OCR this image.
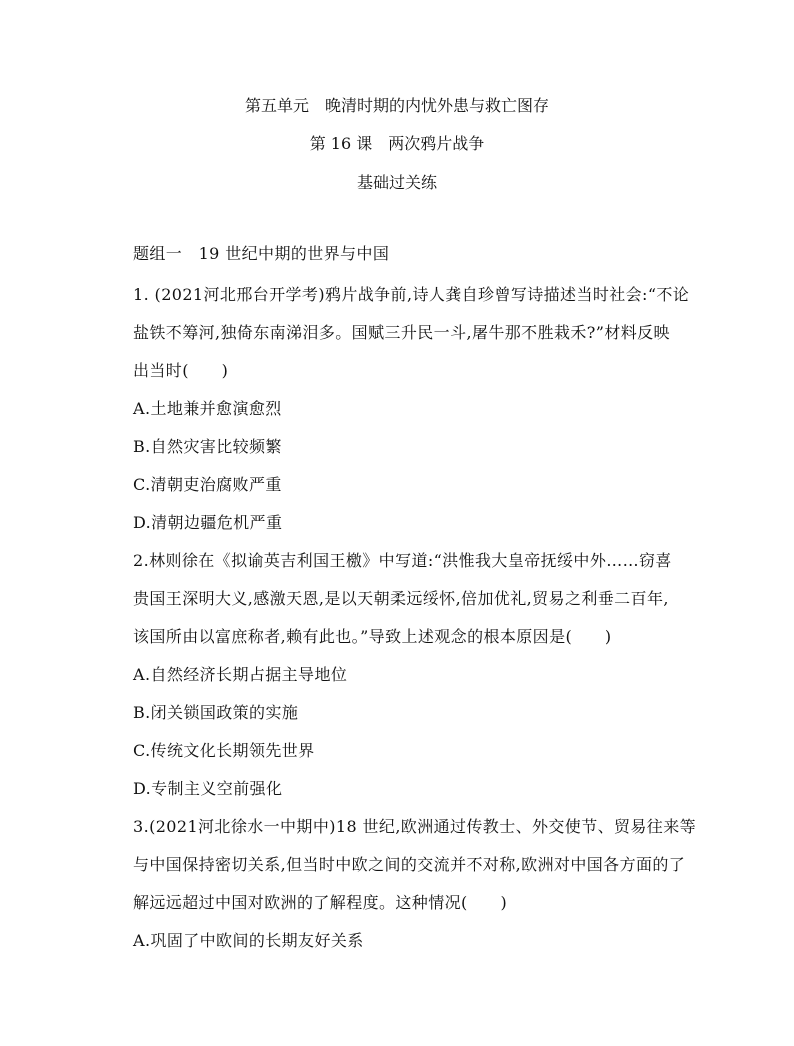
第五单元　晚清时期的内忧外患与救亡图存
第 16 课　两次鸦片战争
基础过关练
题组一　19 世纪中期的世界与中国
1. (2021河北邢台开学考)鸦片战争前,诗人龚自珍曾写诗描述当时社会:“不论
盐铁不筹河,独倚东南涕泪多。国赋三升民一斗,屠牛那不胜栽禾?”材料反映
出当时(　　)
A.土地兼并愈演愈烈
B.自然灾害比较频繁
C.清朝吏治腐败严重
D.清朝边疆危机严重
2.林则徐在《拟谕英吉利国王檄》中写道:“洪惟我大皇帝抚绥中外……窃喜
贵国王深明大义,感激天恩,是以天朝柔远绥怀,倍加优礼,贸易之利垂二百年,
该国所由以富庶称者,赖有此也。”导致上述观念的根本原因是(　　)
A.自然经济长期占据主导地位
B.闭关锁国政策的实施
C.传统文化长期领先世界
D.专制主义空前强化
3.(2021河北徐水一中期中)18 世纪,欧洲通过传教士、外交使节、贸易往来等
与中国保持密切关系,但当时中欧之间的交流并不对称,欧洲对中国各方面的了
解远远超过中国对欧洲的了解程度。这种情况(　　)
A.巩固了中欧间的长期友好关系
